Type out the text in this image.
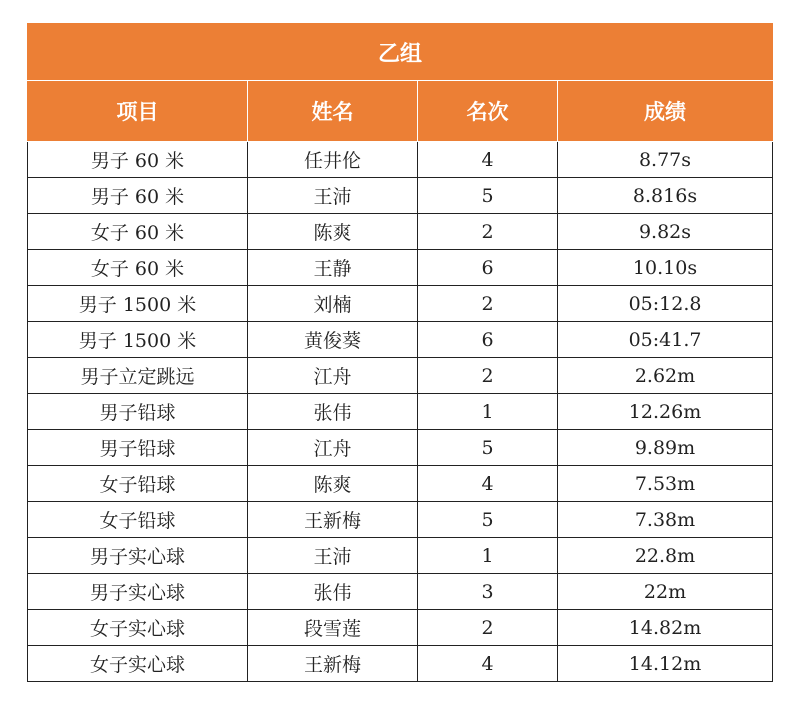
乙组			
项目	姓名	名次	成绩
男子 60 米	任井伦	4	8.77s
男子 60 米	王沛	5	8.816s
女子 60 米	陈爽	2	9.82s
女子 60 米	王静	6	10.10s
男子 1500 米	刘楠	2	05:12.8
男子 1500 米	黄俊葵	6	05:41.7
男子立定跳远	江舟	2	2.62m
男子铅球	张伟	1	12.26m
男子铅球	江舟	5	9.89m
女子铅球	陈爽	4	7.53m
女子铅球	王新梅	5	7.38m
男子实心球	王沛	1	22.8m
男子实心球	张伟	3	22m
女子实心球	段雪莲	2	14.82m
女子实心球	王新梅	4	14.12m
